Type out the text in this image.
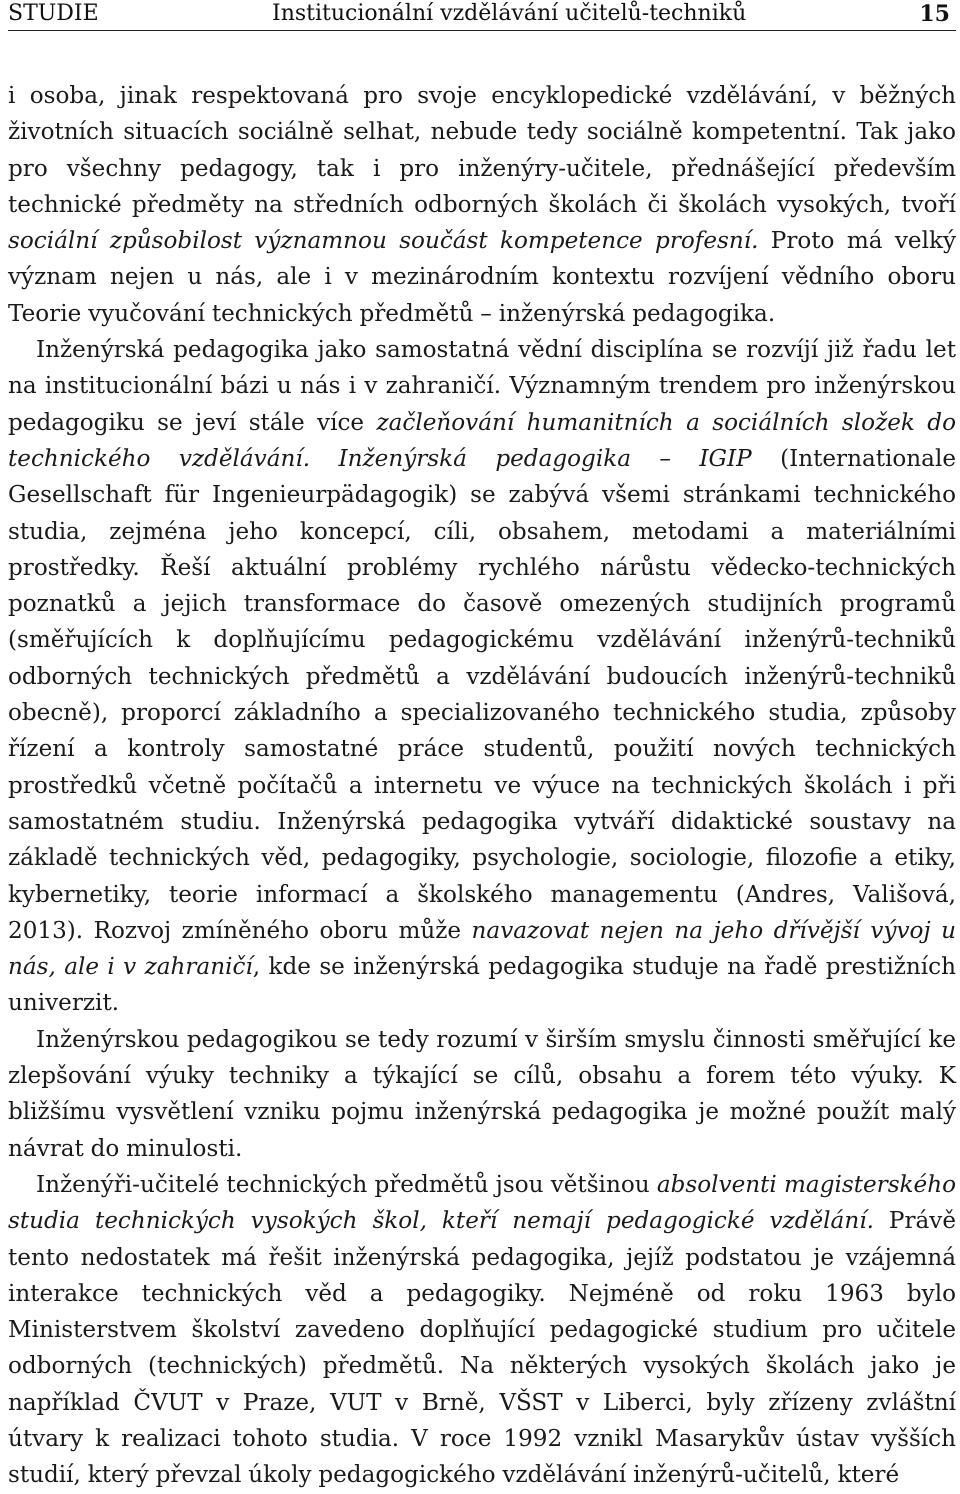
STUDIE	Institucionální vzdělávání učitelů-techniků	15

i osoba, jinak respektovaná pro svoje encyklopedické vzdělávání, v běžných životních situacích sociálně selhat, nebude tedy sociálně kompetentní. Tak jako pro všechny pedagogy, tak i pro inženýry-učitele, přednášející především technické předměty na středních odborných školách či školách vysokých, tvoří sociální způsobilost významnou součást kompetence profesní. Proto má velký význam nejen u nás, ale i v mezinárodním kontextu rozvíjení vědního oboru Teorie vyučování technických předmětů – inženýrská pedagogika.

Inženýrská pedagogika jako samostatná vědní disciplína se rozvíjí již řadu let na institucionální bázi u nás i v zahraničí. Významným trendem pro inženýrskou pedagogiku se jeví stále více začleňování humanitních a sociálních složek do technického vzdělávání. Inženýrská pedagogika – IGIP (Internationale Gesellschaft für Ingenieurpädagogik) se zabývá všemi stránkami technického studia, zejména jeho koncepcí, cíli, obsahem, metodami a materiálními prostředky. Řeší aktuální problémy rychlého nárůstu vědecko-technických poznatků a jejich transformace do časově omezených studijních programů (směřujících k doplňujícímu pedagogickému vzdělávání inženýrů-techniků odborných technických předmětů a vzdělávání budoucích inženýrů-techniků obecně), proporcí základního a specializovaného technického studia, způsoby řízení a kontroly samostatné práce studentů, použití nových technických prostředků včetně počítačů a internetu ve výuce na technických školách i při samostatném studiu. Inženýrská pedagogika vytváří didaktické soustavy na základě technických věd, pedagogiky, psychologie, sociologie, filozofie a etiky, kybernetiky, teorie informací a školského managementu (Andres, Vališová, 2013). Rozvoj zmíněného oboru může navazovat nejen na jeho dřívější vývoj u nás, ale i v zahraničí, kde se inženýrská pedagogika studuje na řadě prestižních univerzit.

Inženýrskou pedagogikou se tedy rozumí v širším smyslu činnosti směřující ke zlepšování výuky techniky a týkající se cílů, obsahu a forem této výuky. K bližšímu vysvětlení vzniku pojmu inženýrská pedagogika je možné použít malý návrat do minulosti.

Inženýři-učitelé technických předmětů jsou většinou absolventi magisterského studia technických vysokých škol, kteří nemají pedagogické vzdělání. Právě tento nedostatek má řešit inženýrská pedagogika, jejíž podstatou je vzájemná interakce technických věd a pedagogiky. Nejméně od roku 1963 bylo Ministerstvem školství zavedeno doplňující pedagogické studium pro učitele odborných (technických) předmětů. Na některých vysokých školách jako je například ČVUT v Praze, VUT v Brně, VŠST v Liberci, byly zřízeny zvláštní útvary k realizaci tohoto studia. V roce 1992 vznikl Masarykův ústav vyšších studií, který převzal úkoly pedagogického vzdělávání inženýrů-učitelů, které
